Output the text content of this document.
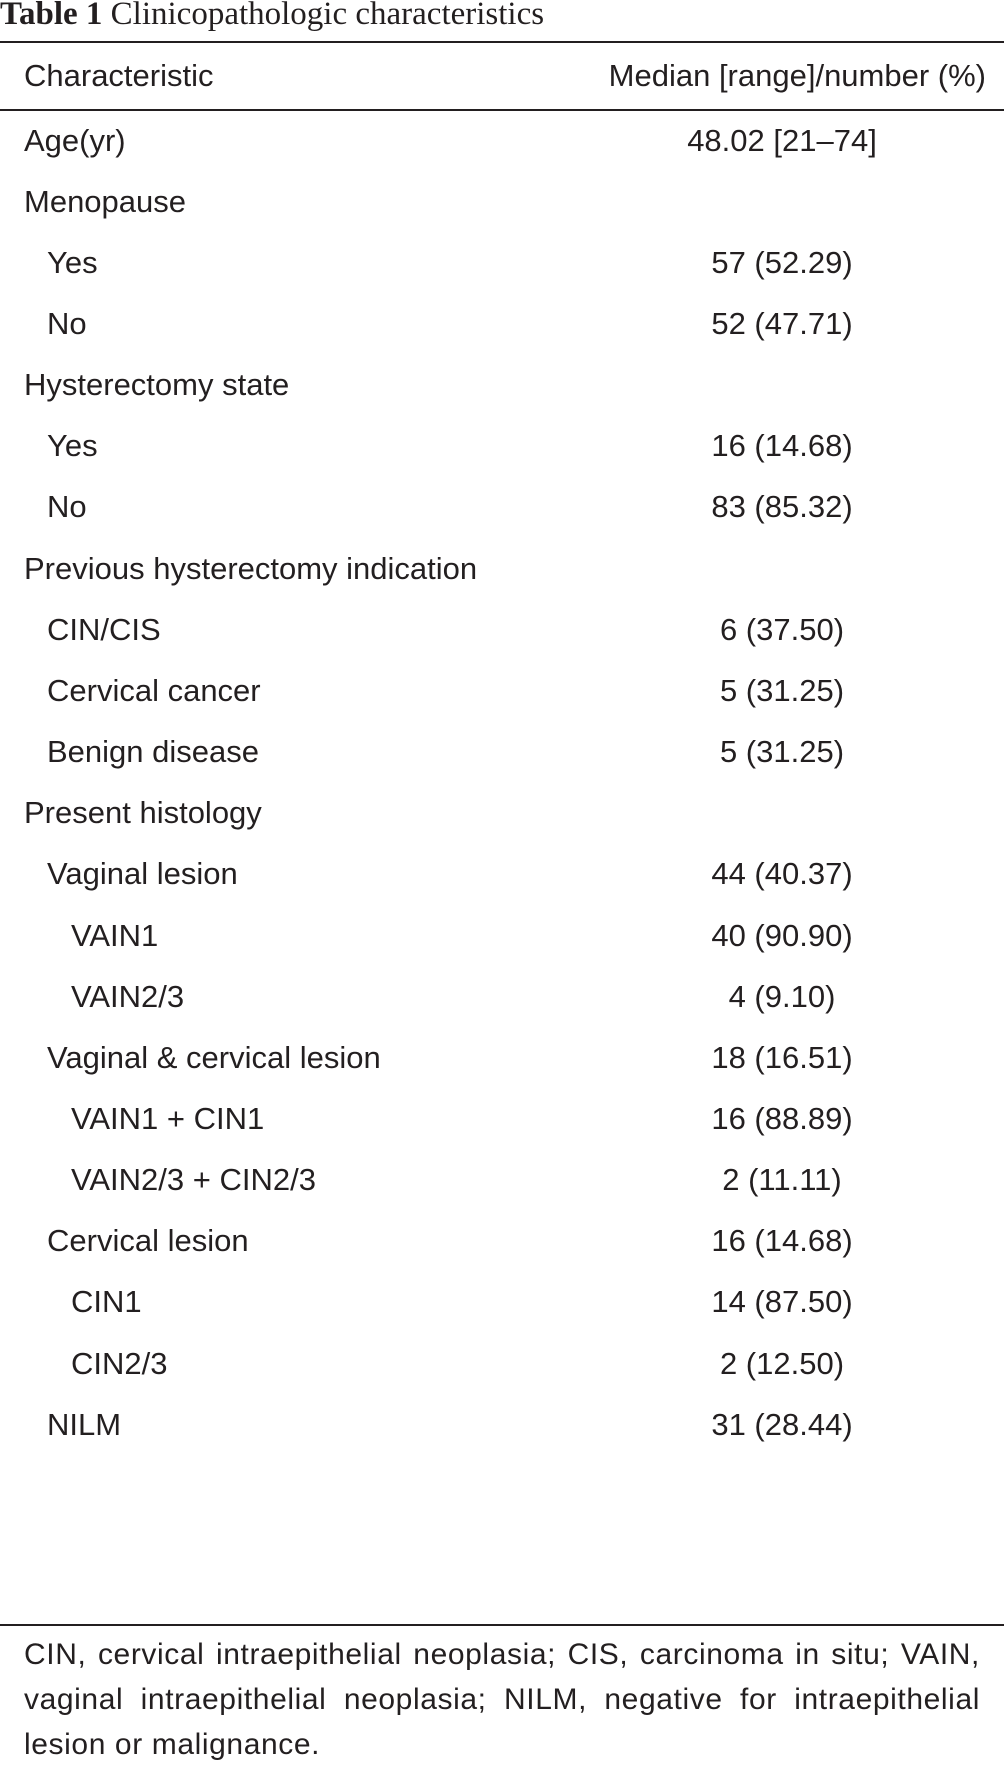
Table 1 Clinicopathologic characteristics
Characteristic	Median [range]/number (%)
Age(yr)	48.02 [21–74]
Menopause
Yes	57 (52.29)
No	52 (47.71)
Hysterectomy state
Yes	16 (14.68)
No	83 (85.32)
Previous hysterectomy indication
CIN/CIS	6 (37.50)
Cervical cancer	5 (31.25)
Benign disease	5 (31.25)
Present histology
Vaginal lesion	44 (40.37)
VAIN1	40 (90.90)
VAIN2/3	4 (9.10)
Vaginal & cervical lesion	18 (16.51)
VAIN1 + CIN1	16 (88.89)
VAIN2/3 + CIN2/3	2 (11.11)
Cervical lesion	16 (14.68)
CIN1	14 (87.50)
CIN2/3	2 (12.50)
NILM	31 (28.44)
CIN, cervical intraepithelial neoplasia; CIS, carcinoma in situ; VAIN, vaginal intraepithelial neoplasia; NILM, negative for intraepithelial lesion or malignance.
